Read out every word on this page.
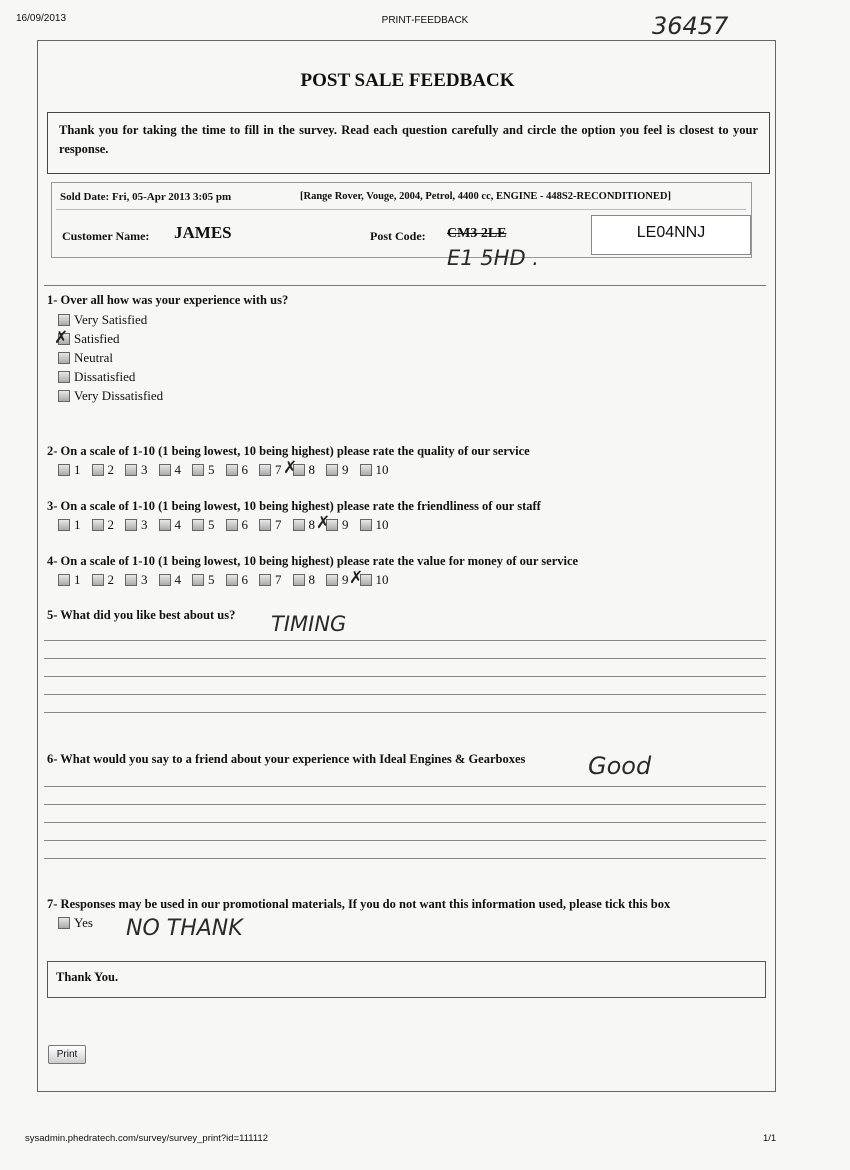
16/09/2013	PRINT-FEEDBACK	36457
POST SALE FEEDBACK
Thank you for taking the time to fill in the survey. Read each question carefully and circle the option you feel is closest to your response.
Sold Date: Fri, 05-Apr 2013 3:05 pm	[Range Rover, Vouge, 2004, Petrol, 4400 cc, ENGINE - 448S2-RECONDITIONED]
Customer Name: JAMES	Post Code: CM3 2LE
E1 5HD .
LE04NNJ
1- Over all how was your experience with us?
Very Satisfied
Satisfied
Neutral
Dissatisfied
Very Dissatisfied
✗
2- On a scale of 1-10 (1 being lowest, 10 being highest) please rate the quality of our service
1 2 3 4 5 6 7 8 9 10
✗
3- On a scale of 1-10 (1 being lowest, 10 being highest) please rate the friendliness of our staff
1 2 3 4 5 6 7 8 9 10
✗
4- On a scale of 1-10 (1 being lowest, 10 being highest) please rate the value for money of our service
1 2 3 4 5 6 7 8 9 10
✗
5- What did you like best about us? TIMING
6- What would you say to a friend about your experience with Ideal Engines & Gearboxes	Good
7- Responses may be used in our promotional materials, If you do not want this information used, please tick this box
Yes NO THANK
Thank You.
Print
sysadmin.phedratech.com/survey/survey_print?id=111112	1/1
